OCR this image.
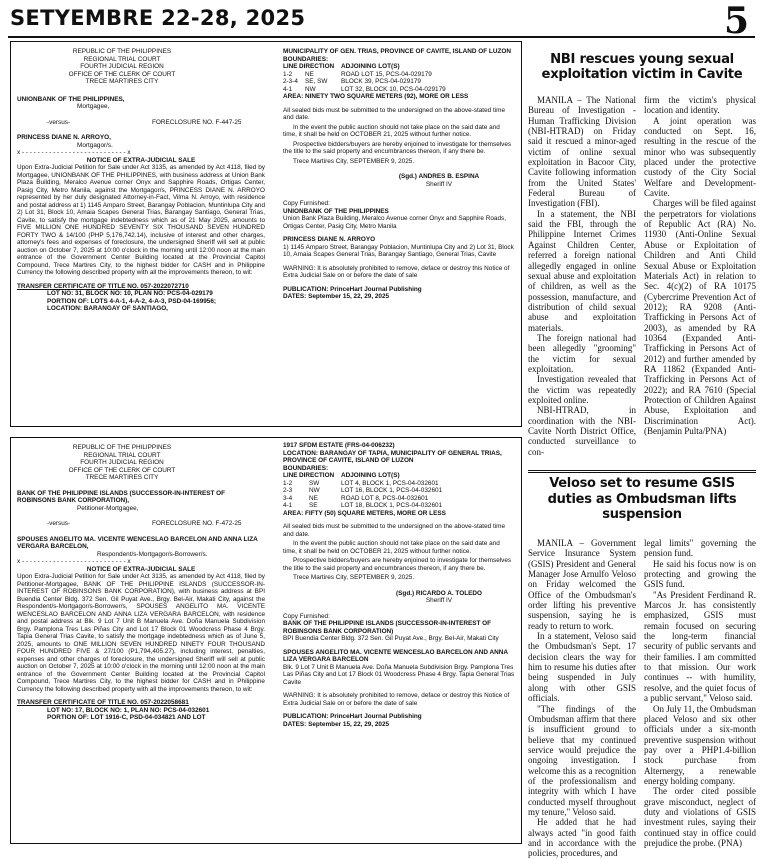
SETYEMBRE 22-28, 2025	5
REPUBLIC OF THE PHILIPPINES
REGIONAL TRIAL COURT
FOURTH JUDICIAL REGION
OFFICE OF THE CLERK OF COURT
TRECE MARTIRES CITY
UNIONBANK OF THE PHILIPPINES,
Mortgagee,
-versus-	FORECLOSURE NO. F-447-25
PRINCESS DIANE N. ARROYO,
Mortgagor/s.
x - - - - - - - - - - - - - - - - - - - - - - - - - - - x
NOTICE OF EXTRA-JUDICIAL SALE

Upon Extra-Judicial Petition for Sale under Act 3135, as amended by Act 4118, filed by Mortgagee, UNIONBANK OF THE PHILIPPINES, with business address at Union Bank Plaza Building, Meralco Avenue corner Onyx and Sapphire Roads, Ortigas Center, Pasig City, Metro Manila, against the Mortgagor/s, PRINCESS DIANE N. ARROYO represented by her duly designated Attorney-in-Fact, Vilma N. Arroyo, with residence and postal address at 1) 1145 Amparo Street, Barangay Poblacion, Muntinlupa City and 2) Lot 31, Block 10, Amaia Scapes General Trias, Barangay Santiago, General Trias, Cavite, to satisfy the mortgage indebtedness which as of 21 May 2025, amounts to FIVE MILLION ONE HUNDRED SEVENTY SIX THOUSAND SEVEN HUNDRED FORTY TWO & 14/100 (PHP 5,176,742.14), inclusive of interest and other charges, attorney's fees and expenses of foreclosure, the undersigned Sheriff will sell at public auction on October 7, 2025 at 10:00 o'clock in the morning until 12:00 noon at the main entrance of the Government Center Building located at the Provincial Capitol Compound, Trece Martires City, to the highest bidder for CASH and in Philippine Currency the following described property with all the improvements thereon, to wit:

TRANSFER CERTIFICATE OF TITLE NO. 057-2022072710
LOT NO: 31, BLOCK NO: 10, PLAN NO: PCS-04-029179
PORTION OF: LOTS 4-A-1, 4-A-2, 4-A-3, PSD-04-169956;
LOCATION: BARANGAY OF SANTIAGO,
MUNICIPALITY OF GEN. TRIAS, PROVINCE OF CAVITE, ISLAND OF LUZON
BOUNDARIES:
LINE DIRECTION	ADJOINING LOT(S)
1-2	NE	ROAD LOT 15, PCS-04-029179
2-3-4	SE, SW	BLOCK 39, PCS-04-029179
4-1	NW	LOT 32, BLOCK 10, PCS-04-029179
AREA: NINETY TWO SQUARE METERS (92), MORE OR LESS

All sealed bids must be submitted to the undersigned on the above-stated time and date.

In the event the public auction should not take place on the said date and time, it shall be held on OCTOBER 21, 2025 without further notice.

Prospective bidders/buyers are hereby enjoined to investigate for themselves the title to the said property and encumbrances thereon, if any there be.

Trece Martires City, SEPTEMBER 9, 2025.

(Sgd.) ANDRES B. ESPINA
Sheriff IV
Copy Furnished:
UNIONBANK OF THE PHILIPPINES
Union Bank Plaza Building, Meralco Avenue corner Onyx and Sapphire Roads, Ortigas Center, Pasig City, Metro Manila
PRINCESS DIANE N. ARROYO
1) 1145 Amparo Street, Barangay Poblacion, Muntinlupa City and 2) Lot 31, Block 10, Amaia Scapes General Trias, Barangay Santiago, General Trias, Cavite
WARNING: It is absolutely prohibited to remove, deface or destroy this Notice of Extra Judicial Sale on or before the date of sale
PUBLICATION: PrinceHart Journal Publishing
DATES: September 15, 22, 29, 2025
REPUBLIC OF THE PHILIPPINES
REGIONAL TRIAL COURT
FOURTH JUDICIAL REGION
OFFICE OF THE CLERK OF COURT
TRECE MARTIRES CITY
BANK OF THE PHILIPPINE ISLANDS (SUCCESSOR-IN-INTEREST OF ROBINSONS BANK CORPORATION),
Petitioner-Mortgagee,
-versus-	FORECLOSURE NO. F-472-25
SPOUSES ANGELITO MA. VICENTE WENCESLAO BARCELON AND ANNA LIZA VERGARA BARCELON,
Respondent/s-Mortgagor/s-Borrower/s.
x - - - - - - - - - - - - - - - - - - - - - - - - - - - x
NOTICE OF EXTRA-JUDICIAL SALE

Upon Extra-Judicial Petition for Sale under Act 3135, as amended by Act 4118, filed by Petitioner-Mortgagee, BANK OF THE PHILIPPINE ISLANDS (SUCCESSOR-IN-INTEREST OF ROBINSONS BANK CORPORATION), with business address at BPI Buendia Center Bldg. 372 Sen. Gil Puyat Ave., Brgy. Bel-Air, Makati City, against the Respondent/s-Mortgagor/s-Borrower/s, SPOUSES ANGELITO MA. VICENTE WENCESLAO BARCELON AND ANNA LIZA VERGARA BARCELON, with residence and postal address at Blk. 9 Lot 7 Unit B Manuela Ave. Doña Manuela Subdivision Brgy. Pamplona Tres Las Piñas City and Lot 17 Block 01 Woodcress Phase 4 Brgy. Tapia General Trias Cavite, to satisfy the mortgage indebtedness which as of June 5, 2025, amounts to ONE MILLION SEVEN HUNDRED NINETY FOUR THOUSAND FOUR HUNDRED FIVE & 27/100 (P1,794,405.27), including interest, penalties, expenses and other charges of foreclosure, the undersigned Sheriff will sell at public auction on October 7, 2025 at 10:00 o'clock in the morning until 12:00 noon at the main entrance of the Government Center Building located at the Provincial Capitol Compound, Trece Martires City, to the highest bidder for CASH and in Philippine Currency the following described property with all the improvements thereon, to wit:

TRANSFER CERTIFICATE OF TITLE NO. 057-2022058681
LOT NO: 17, BLOCK NO: 1, PLAN NO: PCS-04-032601
PORTION OF: LOT 1916-C, PSD-04-034821 AND LOT
1917 SFDM ESTATE (FRS-04-006232)
LOCATION: BARANGAY OF TAPIA, MUNICIPALITY OF GENERAL TRIAS, PROVINCE OF CAVITE, ISLAND OF LUZON
BOUNDARIES:
LINE DIRECTION	ADJOINING LOT(S)
1-2	SW	LOT 4, BLOCK 1, PCS-04-032601
2-3	NW	LOT 16, BLOCK 1, PCS-04-032601
3-4	NE	ROAD LOT 8, PCS-04-032601
4-1	SE	LOT 18, BLOCK 1, PCS-04-032601
AREA: FIFTY (50) SQUARE METERS, MORE OR LESS

All sealed bids must be submitted to the undersigned on the above-stated time and date.

In the event the public auction should not take place on the said date and time, it shall be held on OCTOBER 21, 2025 without further notice.

Prospective bidders/buyers are hereby enjoined to investigate for themselves the title to the said property and encumbrances thereon, if any there be.

Trece Martires City, SEPTEMBER 9, 2025.

(Sgd.) RICARDO A. TOLEDO
Sheriff IV
Copy Furnished:
BANK OF THE PHILIPPINE ISLANDS (SUCCESSOR-IN-INTEREST OF ROBINSONS BANK CORPORATION)
BPI Buendia Center Bldg. 372 Sen. Gil Puyat Ave., Brgy. Bel-Air, Makati City
SPOUSES ANGELITO MA. VICENTE WENCESLAO BARCELON AND ANNA LIZA VERGARA BARCELON
Blk. 9 Lot 7 Unit B Manuela Ave. Doña Manuela Subdivision Brgy. Pamplona Tres Las Piñas City and Lot 17 Block 01 Woodcress Phase 4 Brgy. Tapia General Trias Cavite
WARNING: It is absolutely prohibited to remove, deface or destroy this Notice of Extra Judicial Sale on or before the date of sale
PUBLICATION: PrinceHart Journal Publishing
DATES: September 15, 22, 29, 2025
NBI rescues young sexual exploitation victim in Cavite

MANILA – The National Bureau of Investigation - Human Trafficking Division (NBI-HTRAD) on Friday said it rescued a minor-aged victim of online sexual exploitation in Bacoor City, Cavite following information from the United States' Federal Bureau of Investigation (FBI).

In a statement, the NBI said the FBI, through the Philippine Internet Crimes Against Children Center, referred a foreign national allegedly engaged in online sexual abuse and exploitation of children, as well as the possession, manufacture, and distribution of child sexual abuse and exploitation materials.

The foreign national had been allegedly "grooming" the victim for sexual exploitation.

Investigation revealed that the victim was repeatedly exploited online.

NBI-HTRAD, in coordination with the NBI- Cavite North District Office, conducted surveillance to con-

firm the victim's physical location and identity.

A joint operation was conducted on Sept. 16, resulting in the rescue of the minor who was subsequently placed under the protective custody of the City Social Welfare and Development-Cavite.

Charges will be filed against the perpetrators for violations of Republic Act (RA) No. 11930 (Anti-Online Sexual Abuse or Exploitation of Children and Anti Child Sexual Abuse or Exploitation Materials Act) in relation to Sec. 4(c)(2) of RA 10175 (Cybercrime Prevention Act of 2012); RA 9208 (Anti-Trafficking in Persons Act of 2003), as amended by RA 10364 (Expanded Anti-Trafficking in Persons Act of 2012) and further amended by RA 11862 (Expanded Anti-Trafficking in Persons Act of 2022); and RA 7610 (Special Protection of Children Against Abuse, Exploitation and Discrimination Act). (Benjamin Pulta/PNA)

Veloso set to resume GSIS duties as Ombudsman lifts suspension

MANILA – Government Service Insurance System (GSIS) President and General Manager Jose Arnulfo Veloso on Friday welcomed the Office of the Ombudsman's order lifting his preventive suspension, saying he is ready to return to work.

In a statement, Veloso said the Ombudsman's Sept. 17 decision clears the way for him to resume his duties after being suspended in July along with other GSIS officials.

"The findings of the Ombudsman affirm that there is insufficient ground to believe that my continued service would prejudice the ongoing investigation. I welcome this as a recognition of the professionalism and integrity with which I have conducted myself throughout my tenure," Veloso said.

He added that he had always acted "in good faith and in accordance with the policies, procedures, and

legal limits" governing the pension fund.

He said his focus now is on protecting and growing the GSIS fund.

"As President Ferdinand R. Marcos Jr. has consistently emphasized, GSIS must remain focused on securing the long-term financial security of public servants and their families. I am committed to that mission. Our work continues -- with humility, resolve, and the quiet focus of a public servant," Veloso said.

On July 11, the Ombudsman placed Veloso and six other officials under a six-month preventive suspension without pay over a PHP1.4-billion stock purchase from Alternergy, a renewable energy holding company.

The order cited possible grave misconduct, neglect of duty and violations of GSIS investment rules, saying their continued stay in office could prejudice the probe. (PNA)
